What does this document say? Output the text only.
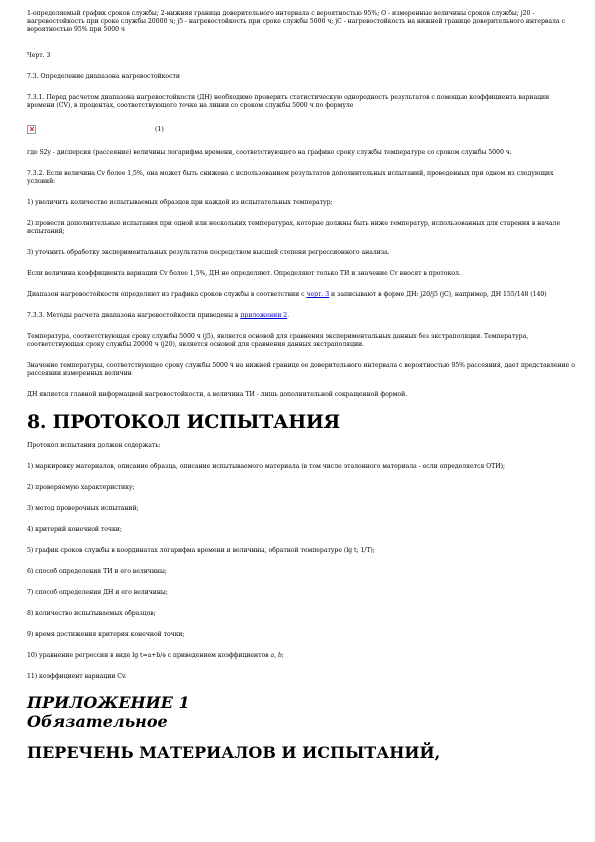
1-определяемый график сроков службы; 2-нижняя граница доверительного интервала с вероятностью 95%; О - измеренные величины сроков службы; j20 - нагревостойкость при сроке службы 20000 ч; j5 - нагревостойкость при сроке службы 5000 ч; jC - нагревостойкость на нижней границе доверительного интервала с вероятностью 95% при 5000 ч

Черт. 3

7.3. Определение диапазона нагревостойкости

7.3.1. Перед расчетом диапазона нагревостойкости (ДН) необходимо проверить статистическую однородность результатов с помощью коэффициента вариации времени (CV), в процентах, соответствующего точке на линии со сроком службы 5000 ч по формуле

(1)

где S2y - дисперсия (рассеяние) величины логарифма времени, соответствующего на графике сроку службы температуре со сроком службы 5000 ч.

7.3.2. Если величина Cv более 1,5%, она может быть снижена с использованием результатов дополнительных испытаний, проведенных при одном из следующих условий:

1) увеличить количество испытываемых образцов при каждой из испытательных температур;

2) провести дополнительные испытания при одной или нескольких температурах, которые должны быть ниже температур, использованных для старения в начале испытаний;

3) уточнить обработку экспериментальных результатов посредством высшей степени регрессионного анализа.

Если величина коэффициента вариации Cv более 1,5%, ДН не определяют. Определяют только ТИ и значение Cv вносят в протокол.

Диапазон нагревостойкости определяют из графика сроков службы в соответствии с черт. 3 и записывают в форме ДН: j20/j5 (jC), например, ДН 155/148 (140)

7.3.3. Методы расчета диапазона нагревостойкости приведены в приложении 2.

Температура, соответствующая сроку службы 5000 ч (j5), является основой для сравнения экспериментальных данных без экстраполяции. Температура, соответствующая сроку службы 20000 ч (j20), является основой для сравнения данных экстраполяции.

Значение температуры, соответствующее сроку службы 5000 ч на нижней границе ее доверительного интервала с вероятностью 95% рассеяния, дает представление о рассеянии измеренных величин

ДН является главной информацией нагревостойкости, а величина ТИ - лишь дополнительной сокращенной формой.

8. ПРОТОКОЛ ИСПЫТАНИЯ

Протокол испытания должен содержать:

1) маркировку материалов, описание образца, описание испытываемого материала (в том числе эталонного материала - если определяется ОТИ);

2) проверяемую характеристику;

3) метод проверочных испытаний;

4) критерий конечной точки;

5) график сроков службы в координатах логарифма времени и величины, обратной температуре (lg t; 1/T);

6) способ определения ТИ и его величины;

7) способ определения ДН и его величины;

8) количество испытываемых образцов;

9) время достижения критерия конечной точки;

10) уравнение регрессии в виде lg t=a+b/ѳ с приведением коэффициентов a, b;

11) коэффициент вариации Cv.

ПРИЛОЖЕНИЕ 1
Обязательное
ПЕРЕЧЕНЬ МАТЕРИАЛОВ И ИСПЫТАНИЙ,
